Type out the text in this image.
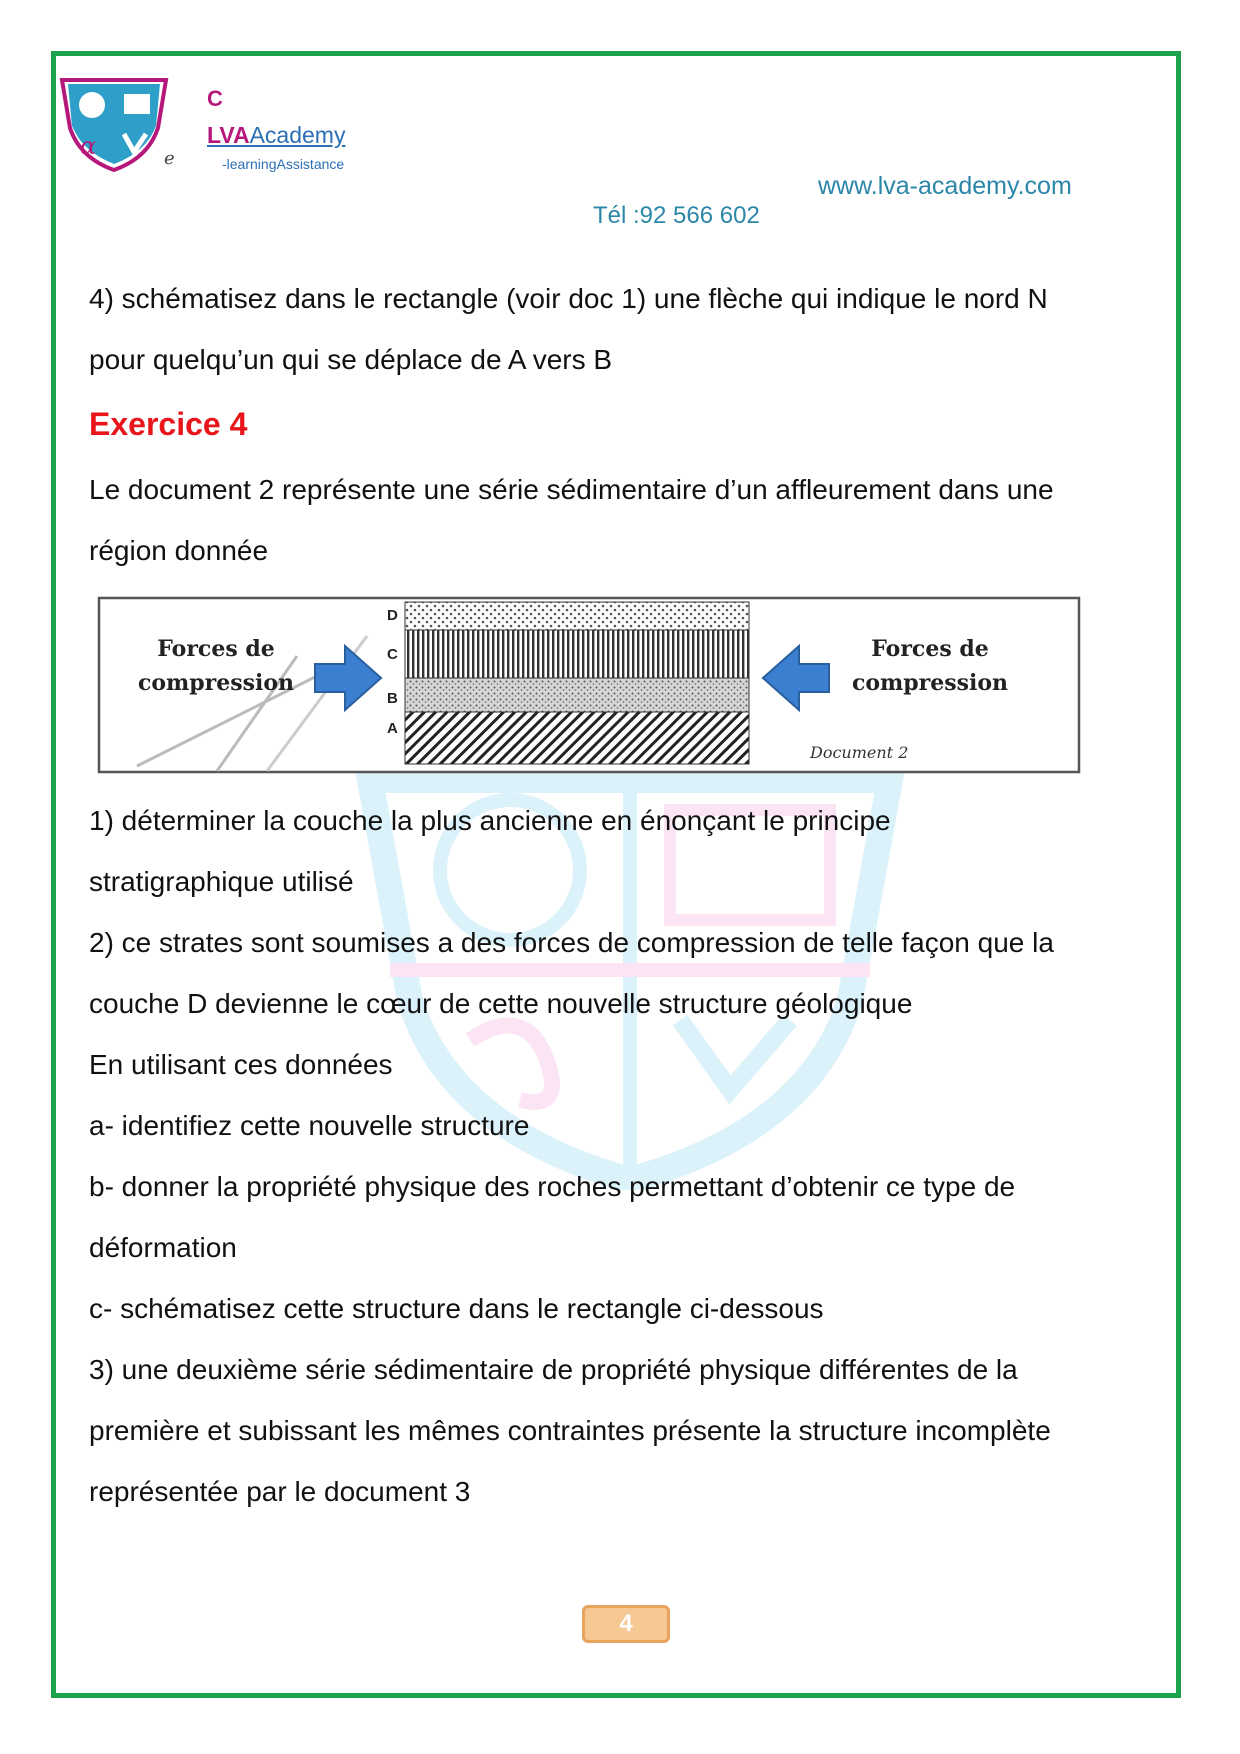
α	e
C
LVAAcademy
-learningAssistance
www.lva-academy.com
Tél :92 566 602
4) schématisez dans le rectangle (voir doc 1) une flèche qui indique le nord N
pour quelqu’un qui se déplace de A vers B
Exercice 4
Le document 2 représente une série sédimentaire d’un affleurement dans une
région donnée
D
C
B
A
Forces de
compression
Forces de
compression
Document 2
1) déterminer la couche la plus ancienne en énonçant le principe
stratigraphique utilisé
2) ce strates sont soumises a des forces de compression de telle façon que la
couche D devienne le cœur de cette nouvelle structure géologique
En utilisant ces données
a- identifiez cette nouvelle structure
b- donner la propriété physique des roches permettant d’obtenir ce type de
déformation
c- schématisez cette structure dans le rectangle ci-dessous
3) une deuxième série sédimentaire de propriété physique différentes de la
première et subissant les mêmes contraintes présente la structure incomplète
représentée par le document 3
4
